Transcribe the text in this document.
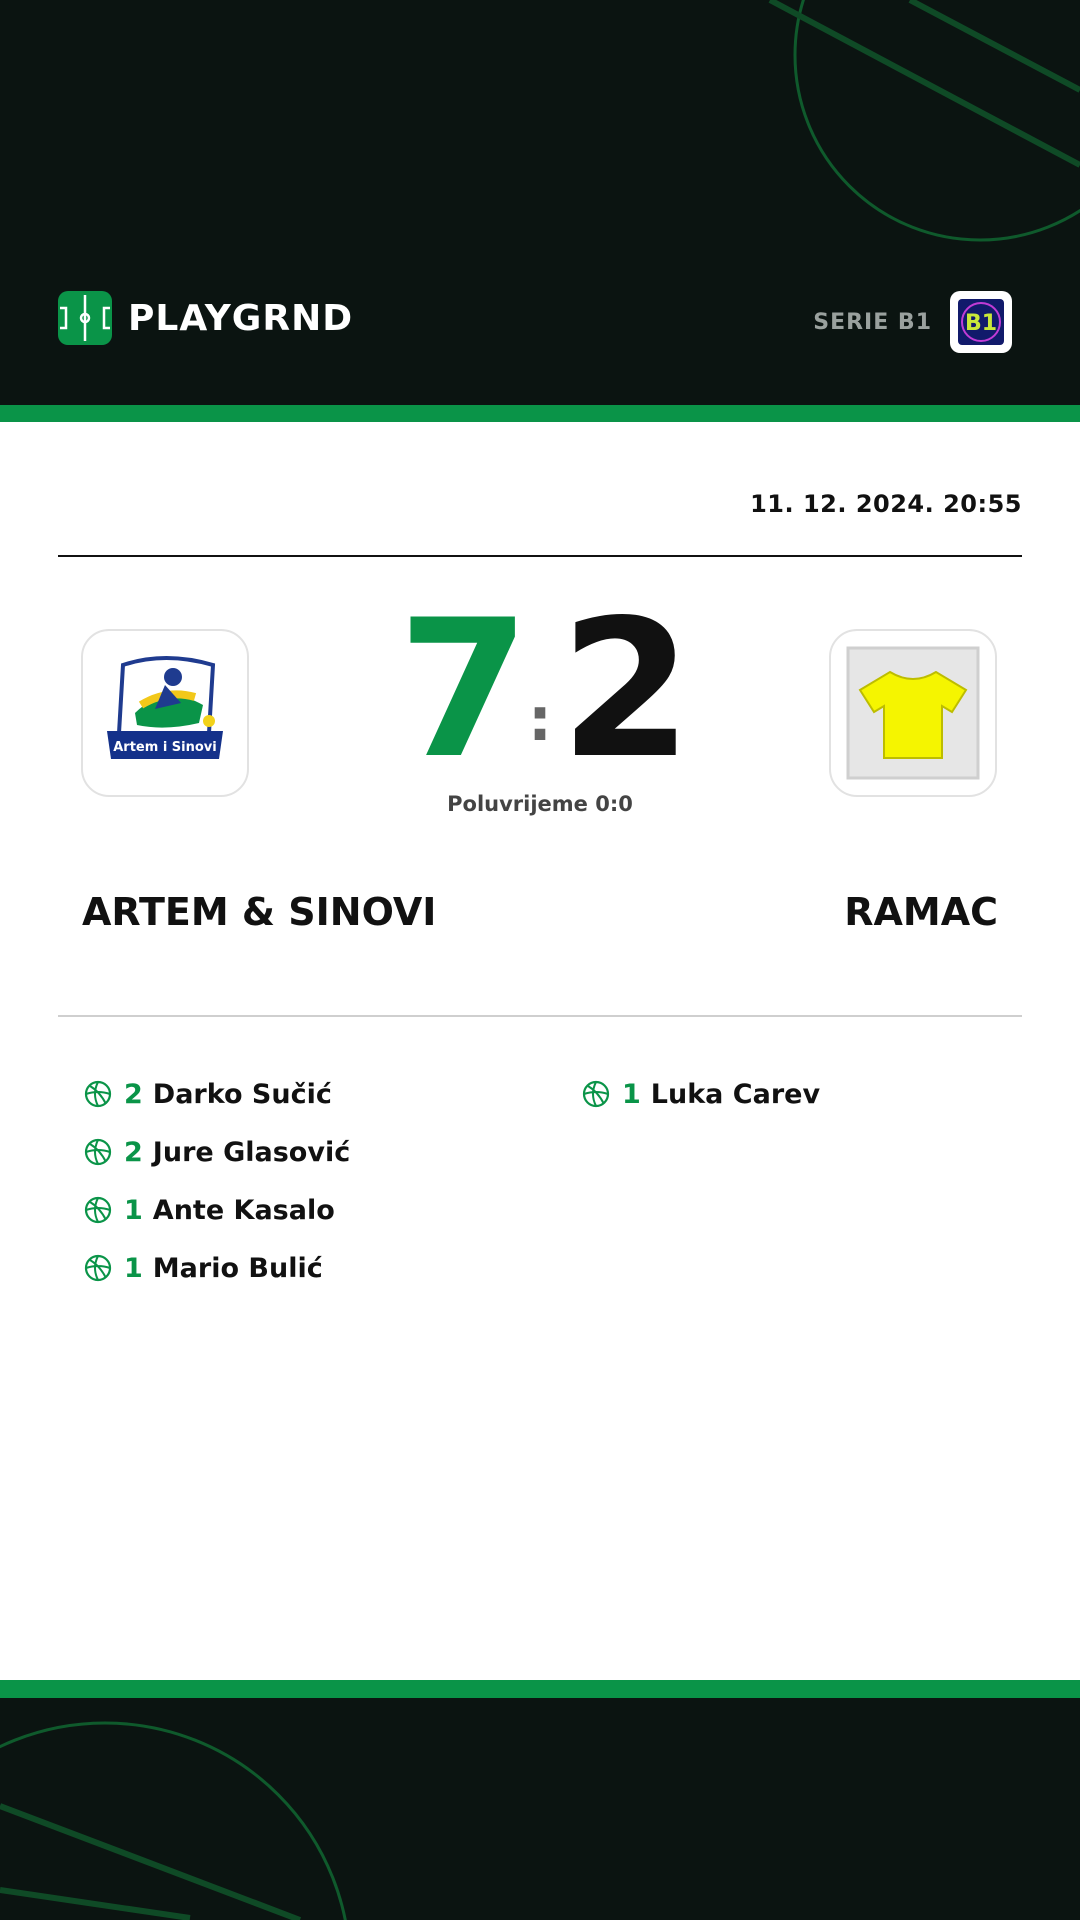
PLAYGRND	SERIE B1 B1
11. 12. 2024. 20:55
Artem i Sinovi 7
: 2
Poluvrijeme 0:0
ARTEM & SINOVI	RAMAC
2 Darko Sučić
2 Jure Glasović
1 Ante Kasalo
1 Mario Bulić
1 Luka Carev
